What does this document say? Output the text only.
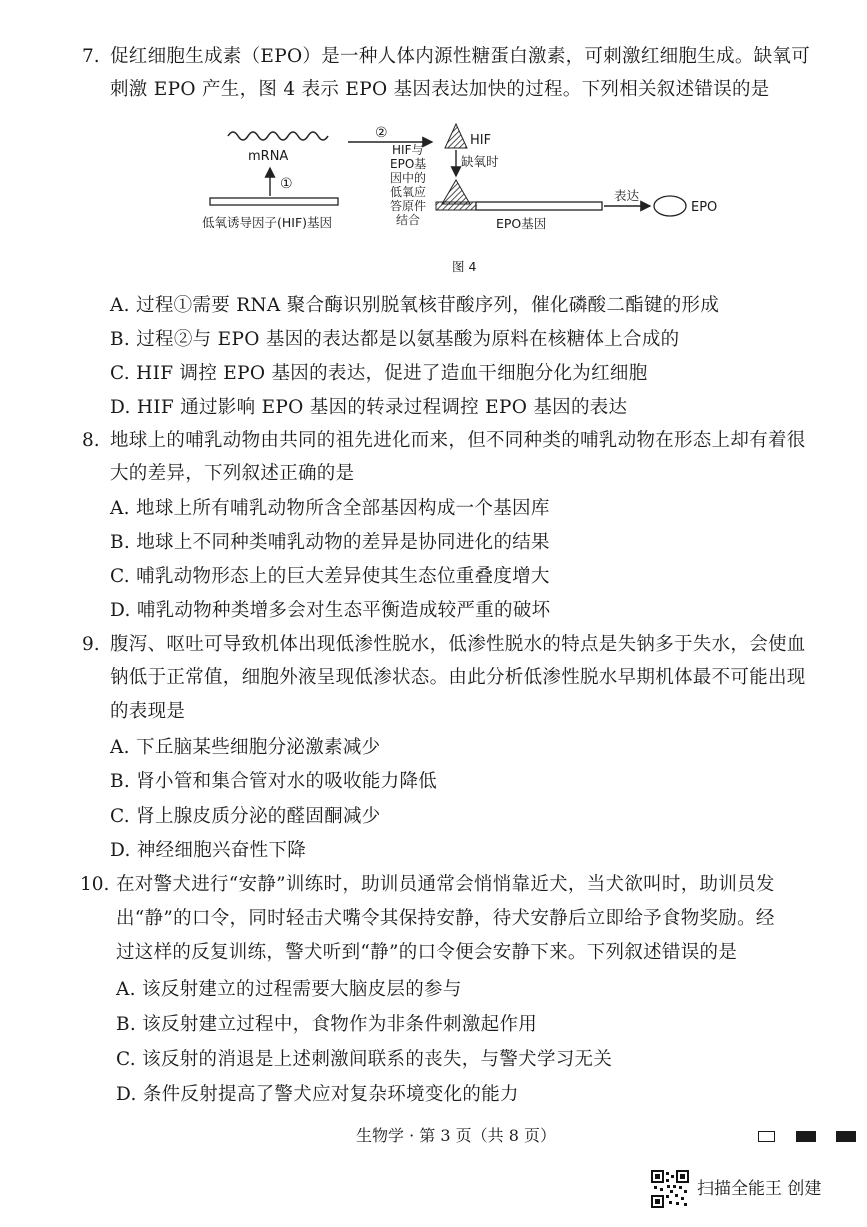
7. 促红细胞生成素（EPO）是一种人体内源性糖蛋白激素，可刺激红细胞生成。缺氧可
刺激 EPO 产生，图 4 表示 EPO 基因表达加快的过程。下列相关叙述错误的是
mRNA
①
低氧诱导因子(HIF)基因
②	HIF
缺氧时
HIF与
EPO基
因中的
低氧应
答原件
结合	EPO基因
表达
EPO
图 4
A. 过程①需要 RNA 聚合酶识别脱氧核苷酸序列，催化磷酸二酯键的形成
B. 过程②与 EPO 基因的表达都是以氨基酸为原料在核糖体上合成的
C. HIF 调控 EPO 基因的表达，促进了造血干细胞分化为红细胞
D. HIF 通过影响 EPO 基因的转录过程调控 EPO 基因的表达
8. 地球上的哺乳动物由共同的祖先进化而来，但不同种类的哺乳动物在形态上却有着很
大的差异，下列叙述正确的是
A. 地球上所有哺乳动物所含全部基因构成一个基因库
B. 地球上不同种类哺乳动物的差异是协同进化的结果
C. 哺乳动物形态上的巨大差异使其生态位重叠度增大
D. 哺乳动物种类增多会对生态平衡造成较严重的破坏
9. 腹泻、呕吐可导致机体出现低渗性脱水，低渗性脱水的特点是失钠多于失水，会使血
钠低于正常值，细胞外液呈现低渗状态。由此分析低渗性脱水早期机体最不可能出现
的表现是
A. 下丘脑某些细胞分泌激素减少
B. 肾小管和集合管对水的吸收能力降低
C. 肾上腺皮质分泌的醛固酮减少
D. 神经细胞兴奋性下降
10. 在对警犬进行“安静”训练时，助训员通常会悄悄靠近犬，当犬欲叫时，助训员发
出“静”的口令，同时轻击犬嘴令其保持安静，待犬安静后立即给予食物奖励。经
过这样的反复训练，警犬听到“静”的口令便会安静下来。下列叙述错误的是
A. 该反射建立的过程需要大脑皮层的参与
B. 该反射建立过程中，食物作为非条件刺激起作用
C. 该反射的消退是上述刺激间联系的丧失，与警犬学习无关
D. 条件反射提高了警犬应对复杂环境变化的能力
生物学 · 第 3 页（共 8 页）
扫描全能王 创建
